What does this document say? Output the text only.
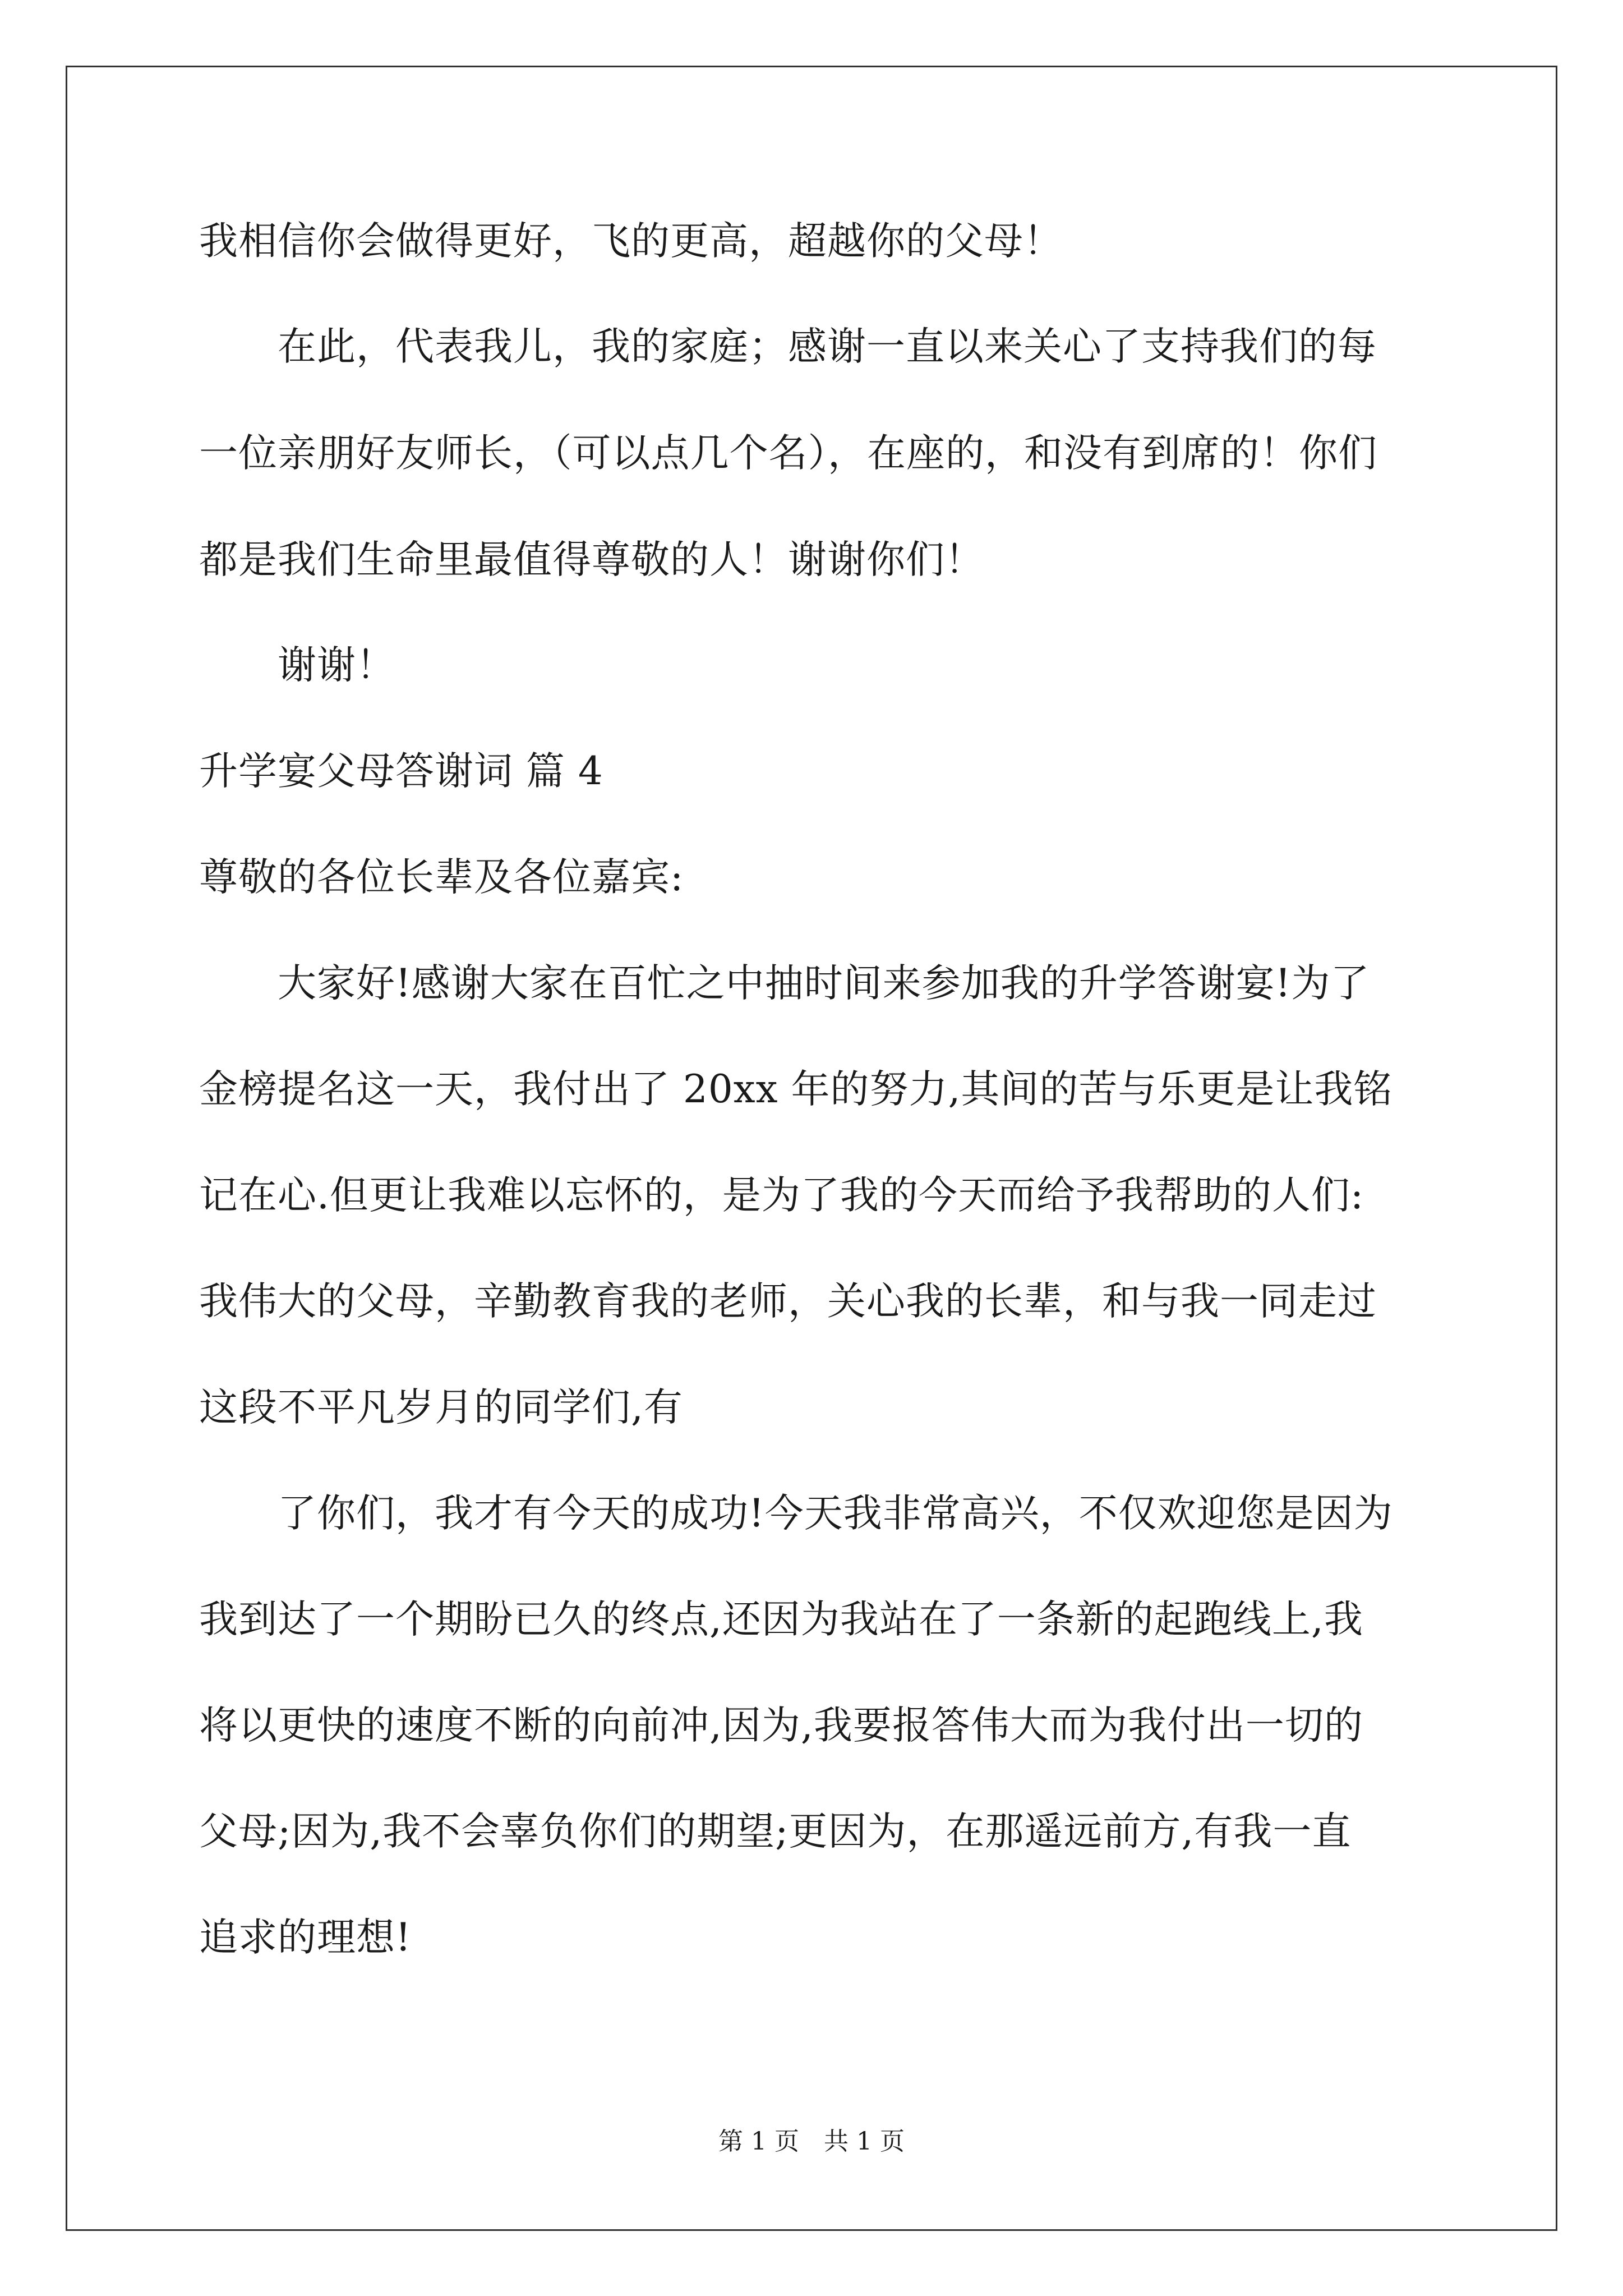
我相信你会做得更好，飞的更高，超越你的父母！
　　在此，代表我儿，我的家庭；感谢一直以来关心了支持我们的每
一位亲朋好友师长，（可以点几个名），在座的，和没有到席的！你们
都是我们生命里最值得尊敬的人！谢谢你们！
　　谢谢！
升学宴父母答谢词 篇 4
尊敬的各位长辈及各位嘉宾:
　　大家好!感谢大家在百忙之中抽时间来参加我的升学答谢宴!为了
金榜提名这一天，我付出了 20xx 年的努力,其间的苦与乐更是让我铭
记在心.但更让我难以忘怀的，是为了我的今天而给予我帮助的人们:
我伟大的父母，辛勤教育我的老师，关心我的长辈，和与我一同走过
这段不平凡岁月的同学们,有
　　了你们，我才有今天的成功!今天我非常高兴，不仅欢迎您是因为
我到达了一个期盼已久的终点,还因为我站在了一条新的起跑线上,我
将以更快的速度不断的向前冲,因为,我要报答伟大而为我付出一切的
父母;因为,我不会辜负你们的期望;更因为，在那遥远前方,有我一直
追求的理想!
第 1 页　共 1 页
